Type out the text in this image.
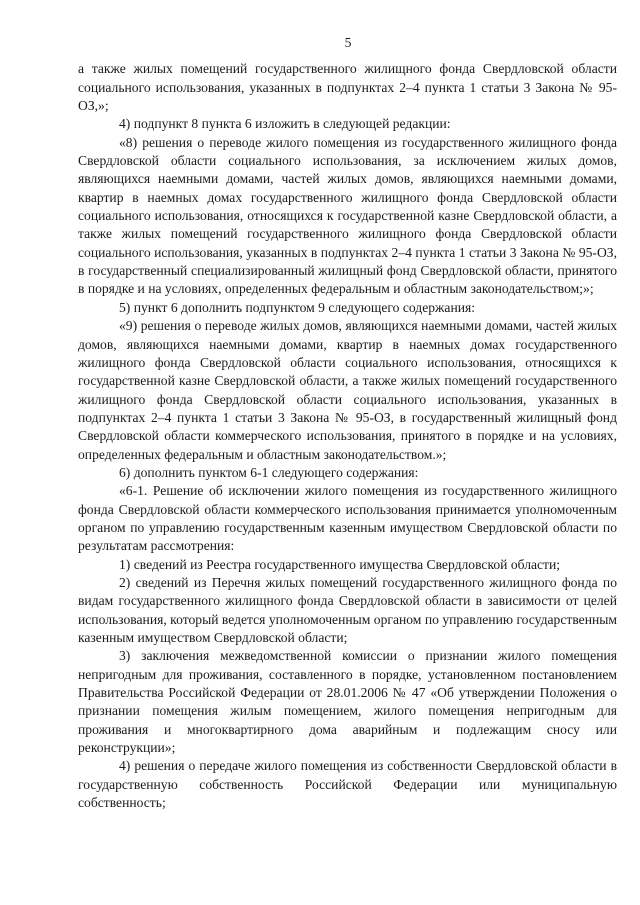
5

а также жилых помещений государственного жилищного фонда Свердловской области социального использования, указанных в подпунктах 2–4 пункта 1 статьи 3 Закона № 95-ОЗ,»;

4) подпункт 8 пункта 6 изложить в следующей редакции:

«8) решения о переводе жилого помещения из государственного жилищного фонда Свердловской области социального использования, за исключением жилых домов, являющихся наемными домами, частей жилых домов, являющихся наемными домами, квартир в наемных домах государственного жилищного фонда Свердловской области социального использования, относящихся к государственной казне Свердловской области, а также жилых помещений государственного жилищного фонда Свердловской области социального использования, указанных в подпунктах 2–4 пункта 1 статьи 3 Закона № 95-ОЗ, в государственный специализированный жилищный фонд Свердловской области, принятого в порядке и на условиях, определенных федеральным и областным законодательством;»;

5) пункт 6 дополнить подпунктом 9 следующего содержания:

«9) решения о переводе жилых домов, являющихся наемными домами, частей жилых домов, являющихся наемными домами, квартир в наемных домах государственного жилищного фонда Свердловской области социального использования, относящихся к государственной казне Свердловской области, а также жилых помещений государственного жилищного фонда Свердловской области социального использования, указанных в подпунктах 2–4 пункта 1 статьи 3 Закона № 95-ОЗ, в государственный жилищный фонд Свердловской области коммерческого использования, принятого в порядке и на условиях, определенных федеральным и областным законодательством.»;

6) дополнить пунктом 6-1 следующего содержания:

«6-1. Решение об исключении жилого помещения из государственного жилищного фонда Свердловской области коммерческого использования принимается уполномоченным органом по управлению государственным казенным имуществом Свердловской области по результатам рассмотрения:

1) сведений из Реестра государственного имущества Свердловской области;

2) сведений из Перечня жилых помещений государственного жилищного фонда по видам государственного жилищного фонда Свердловской области в зависимости от целей использования, который ведется уполномоченным органом по управлению государственным казенным имуществом Свердловской области;

3) заключения межведомственной комиссии о признании жилого помещения непригодным для проживания, составленного в порядке, установленном постановлением Правительства Российской Федерации от 28.01.2006 № 47 «Об утверждении Положения о признании помещения жилым помещением, жилого помещения непригодным для проживания и многоквартирного дома аварийным и подлежащим сносу или реконструкции»;

4) решения о передаче жилого помещения из собственности Свердловской области в государственную собственность Российской Федерации или муниципальную собственность;
